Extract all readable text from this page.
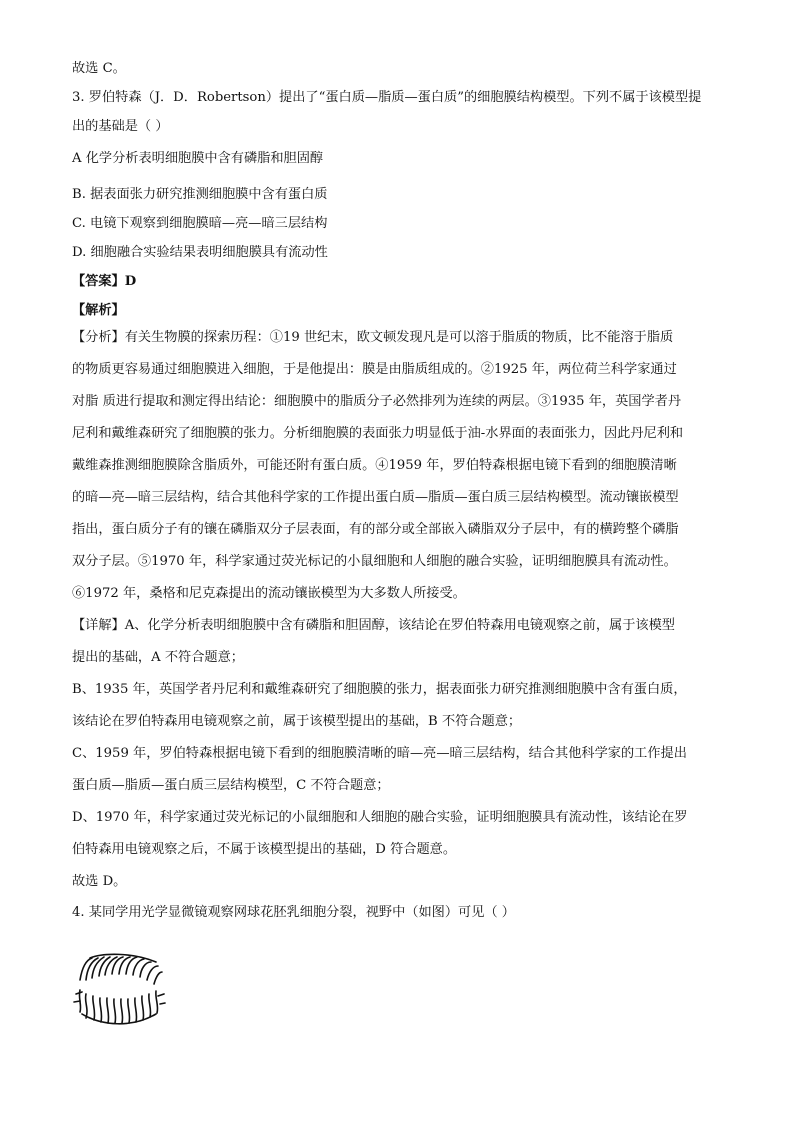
故选 C。
3. 罗伯特森（J．D．Robertson）提出了“蛋白质—脂质—蛋白质”的细胞膜结构模型。下列不属于该模型提
出的基础是（ ）
A 化学分析表明细胞膜中含有磷脂和胆固醇
B. 据表面张力研究推测细胞膜中含有蛋白质
C. 电镜下观察到细胞膜暗—亮—暗三层结构
D. 细胞融合实验结果表明细胞膜具有流动性
【答案】D
【解析】
【分析】有关生物膜的探索历程：①19 世纪末，欧文顿发现凡是可以溶于脂质的物质，比不能溶于脂质
的物质更容易通过细胞膜进入细胞，于是他提出：膜是由脂质组成的。②1925 年，两位荷兰科学家通过
对脂 质进行提取和测定得出结论：细胞膜中的脂质分子必然排列为连续的两层。③1935 年，英国学者丹
尼利和戴维森研究了细胞膜的张力。分析细胞膜的表面张力明显低于油-水界面的表面张力，因此丹尼利和
戴维森推测细胞膜除含脂质外，可能还附有蛋白质。④1959 年，罗伯特森根据电镜下看到的细胞膜清晰
的暗—亮—暗三层结构，结合其他科学家的工作提出蛋白质—脂质—蛋白质三层结构模型。流动镶嵌模型
指出，蛋白质分子有的镶在磷脂双分子层表面，有的部分或全部嵌入磷脂双分子层中，有的横跨整个磷脂
双分子层。⑤1970 年，科学家通过荧光标记的小鼠细胞和人细胞的融合实验，证明细胞膜具有流动性。
⑥1972 年，桑格和尼克森提出的流动镶嵌模型为大多数人所接受。
【详解】A、化学分析表明细胞膜中含有磷脂和胆固醇，该结论在罗伯特森用电镜观察之前，属于该模型
提出的基础，A 不符合题意；
B、1935 年，英国学者丹尼利和戴维森研究了细胞膜的张力，据表面张力研究推测细胞膜中含有蛋白质，
该结论在罗伯特森用电镜观察之前，属于该模型提出的基础，B 不符合题意；
C、1959 年，罗伯特森根据电镜下看到的细胞膜清晰的暗—亮—暗三层结构，结合其他科学家的工作提出
蛋白质—脂质—蛋白质三层结构模型，C 不符合题意；
D、1970 年，科学家通过荧光标记的小鼠细胞和人细胞的融合实验，证明细胞膜具有流动性，该结论在罗
伯特森用电镜观察之后，不属于该模型提出的基础，D 符合题意。
故选 D。
4. 某同学用光学显微镜观察网球花胚乳细胞分裂，视野中（如图）可见（ ）
